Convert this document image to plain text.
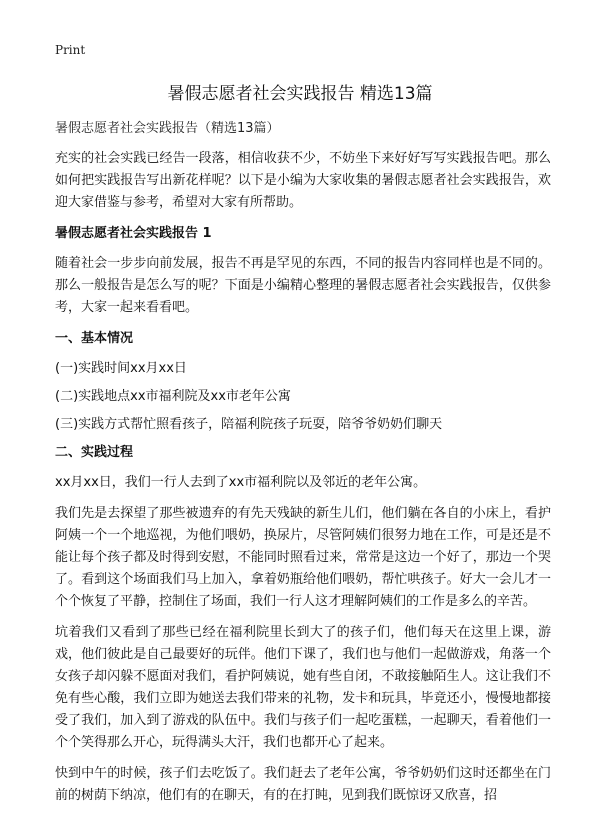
Print
暑假志愿者社会实践报告 精选13篇

暑假志愿者社会实践报告（精选13篇）

充实的社会实践已经告一段落，相信收获不少，不妨坐下来好好写写实践报告吧。那么如何把实践报告写出新花样呢？以下是小编为大家收集的暑假志愿者社会实践报告，欢迎大家借鉴与参考，希望对大家有所帮助。

暑假志愿者社会实践报告 1

随着社会一步步向前发展，报告不再是罕见的东西，不同的报告内容同样也是不同的。那么一般报告是怎么写的呢？下面是小编精心整理的暑假志愿者社会实践报告，仅供参考，大家一起来看看吧。

一、基本情况

(一)实践时间xx月xx日

(二)实践地点xx市福利院及xx市老年公寓

(三)实践方式帮忙照看孩子，陪福利院孩子玩耍，陪爷爷奶奶们聊天

二、实践过程

xx月xx日，我们一行人去到了xx市福利院以及邻近的老年公寓。

我们先是去探望了那些被遗弃的有先天残缺的新生儿们，他们躺在各自的小床上，看护阿姨一个一个地巡视，为他们喂奶，换尿片，尽管阿姨们很努力地在工作，可是还是不能让每个孩子都及时得到安慰，不能同时照看过来，常常是这边一个好了，那边一个哭了。看到这个场面我们马上加入，拿着奶瓶给他们喂奶，帮忙哄孩子。好大一会儿才一个个恢复了平静，控制住了场面，我们一行人这才理解阿姨们的工作是多么的辛苦。

坑着我们又看到了那些已经在福利院里长到大了的孩子们，他们每天在这里上课，游戏，他们彼此是自己最要好的玩伴。他们下课了，我们也与他们一起做游戏，角落一个女孩子却闪躲不愿面对我们，看护阿姨说，她有些自闭，不敢接触陌生人。这让我们不免有些心酸，我们立即为她送去我们带来的礼物，发卡和玩具，毕竟还小，慢慢地都接受了我们，加入到了游戏的队伍中。我们与孩子们一起吃蛋糕，一起聊天，看着他们一个个笑得那么开心，玩得满头大汗，我们也都开心了起来。

快到中午的时候，孩子们去吃饭了。我们赶去了老年公寓，爷爷奶奶们这时还都坐在门前的树荫下纳凉，他们有的在聊天，有的在打盹，见到我们既惊讶又欣喜，招
